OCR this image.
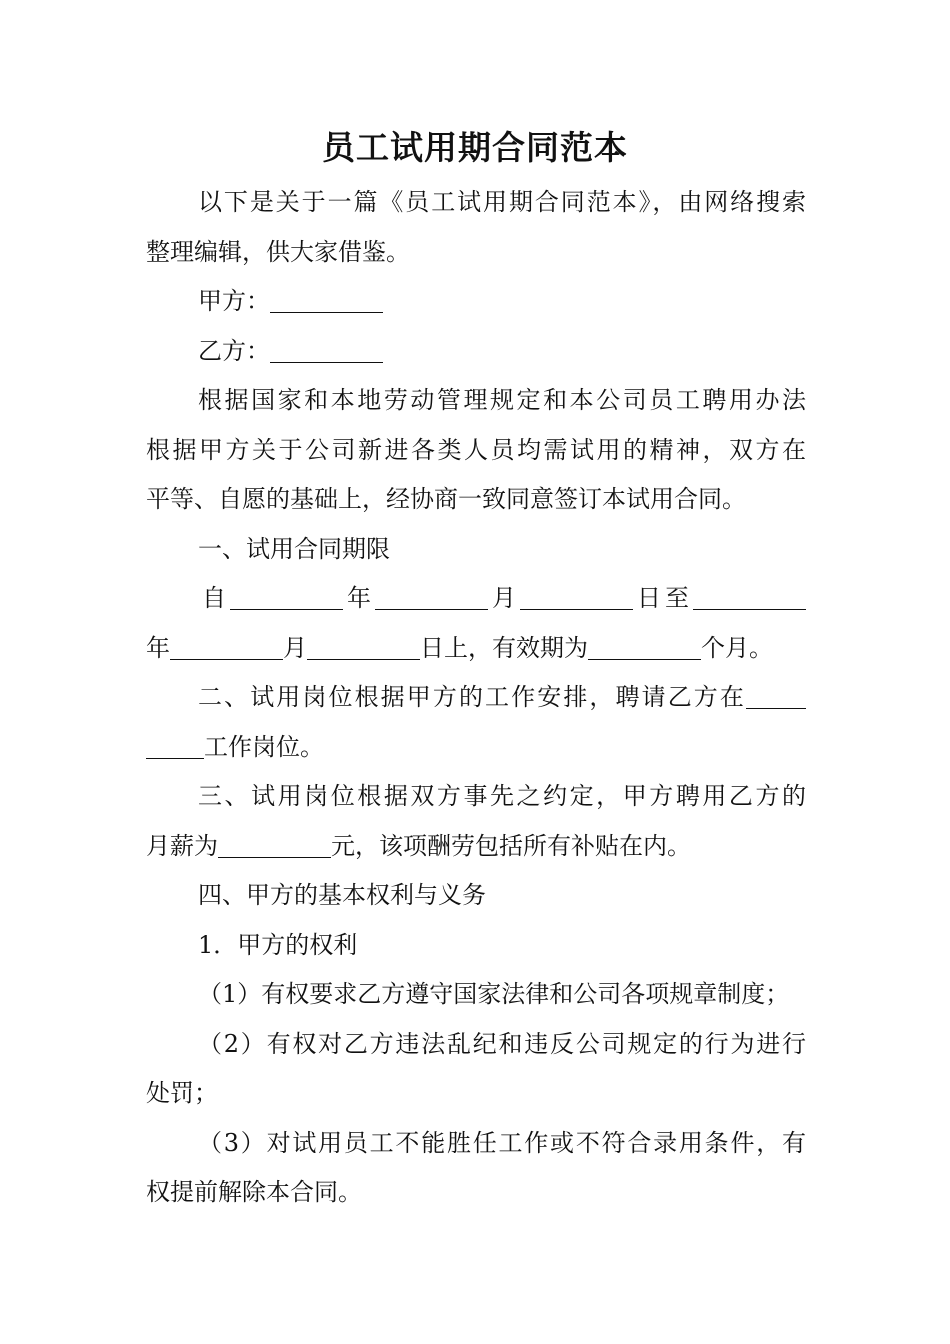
员工试用期合同范本
以下是关于一篇《员工试用期合同范本》，由网络搜索
整理编辑，供大家借鉴。
甲方：
乙方：
根据国家和本地劳动管理规定和本公司员工聘用办法
根据甲方关于公司新进各类人员均需试用的精神，双方在
平等、自愿的基础上，经协商一致同意签订本试用合同。
一、试用合同期限
自	年	月	日至
年	月	日上，有效期为	个月。
二、试用岗位根据甲方的工作安排，聘请乙方在
工作岗位。
三、试用岗位根据双方事先之约定，甲方聘用乙方的
月薪为	元，该项酬劳包括所有补贴在内。
四、甲方的基本权利与义务
1．甲方的权利
（1）有权要求乙方遵守国家法律和公司各项规章制度；
（2）有权对乙方违法乱纪和违反公司规定的行为进行
处罚；
（3）对试用员工不能胜任工作或不符合录用条件，有
权提前解除本合同。
